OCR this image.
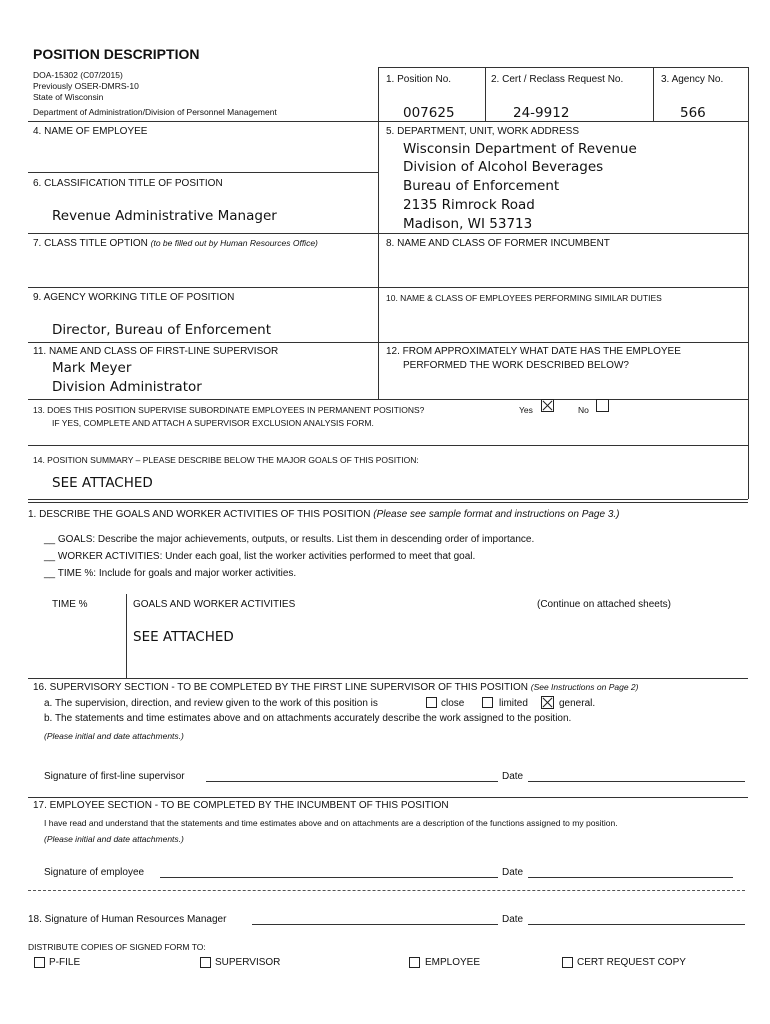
POSITION DESCRIPTION
DOA-15302 (C07/2015)
Previously OSER-DMRS-10
State of Wisconsin
Department of Administration/Division of Personnel Management
1. Position No.
007625
2. Cert / Reclass Request No.
24-9912
3. Agency No.
566
4. NAME OF EMPLOYEE	5. DEPARTMENT, UNIT, WORK ADDRESS
Wisconsin Department of Revenue
Division of Alcohol Beverages
Bureau of Enforcement
2135 Rimrock Road
Madison, WI 53713
6. CLASSIFICATION TITLE OF POSITION
Revenue Administrative Manager
7. CLASS TITLE OPTION (to be filled out by Human Resources Office)	8. NAME AND CLASS OF FORMER INCUMBENT
9. AGENCY WORKING TITLE OF POSITION
Director, Bureau of Enforcement
10. NAME & CLASS OF EMPLOYEES PERFORMING SIMILAR DUTIES
11. NAME AND CLASS OF FIRST-LINE SUPERVISOR
Mark Meyer
Division Administrator
12. FROM APPROXIMATELY WHAT DATE HAS THE EMPLOYEE
PERFORMED THE WORK DESCRIBED BELOW?
13. DOES THIS POSITION SUPERVISE SUBORDINATE EMPLOYEES IN PERMANENT POSITIONS?
IF YES, COMPLETE AND ATTACH A SUPERVISOR EXCLUSION ANALYSIS FORM.
Yes	No
14. POSITION SUMMARY – PLEASE DESCRIBE BELOW THE MAJOR GOALS OF THIS POSITION:
SEE ATTACHED
1. DESCRIBE THE GOALS AND WORKER ACTIVITIES OF THIS POSITION (Please see sample format and instructions on Page 3.)
__ GOALS: Describe the major achievements, outputs, or results. List them in descending order of importance.
__ WORKER ACTIVITIES: Under each goal, list the worker activities performed to meet that goal.
__ TIME %: Include for goals and major worker activities.
TIME %	GOALS AND WORKER ACTIVITIES	(Continue on attached sheets)
SEE ATTACHED
16. SUPERVISORY SECTION - TO BE COMPLETED BY THE FIRST LINE SUPERVISOR OF THIS POSITION (See Instructions on Page 2)
a. The supervision, direction, and review given to the work of this position is	close	limited	general.
b. The statements and time estimates above and on attachments accurately describe the work assigned to the position.
(Please initial and date attachments.)
Signature of first-line supervisor	Date
17. EMPLOYEE SECTION - TO BE COMPLETED BY THE INCUMBENT OF THIS POSITION
I have read and understand that the statements and time estimates above and on attachments are a description of the functions assigned to my position.
(Please initial and date attachments.)
Signature of employee	Date
18. Signature of Human Resources Manager	Date
DISTRIBUTE COPIES OF SIGNED FORM TO:
P-FILE	SUPERVISOR	EMPLOYEE	CERT REQUEST COPY
